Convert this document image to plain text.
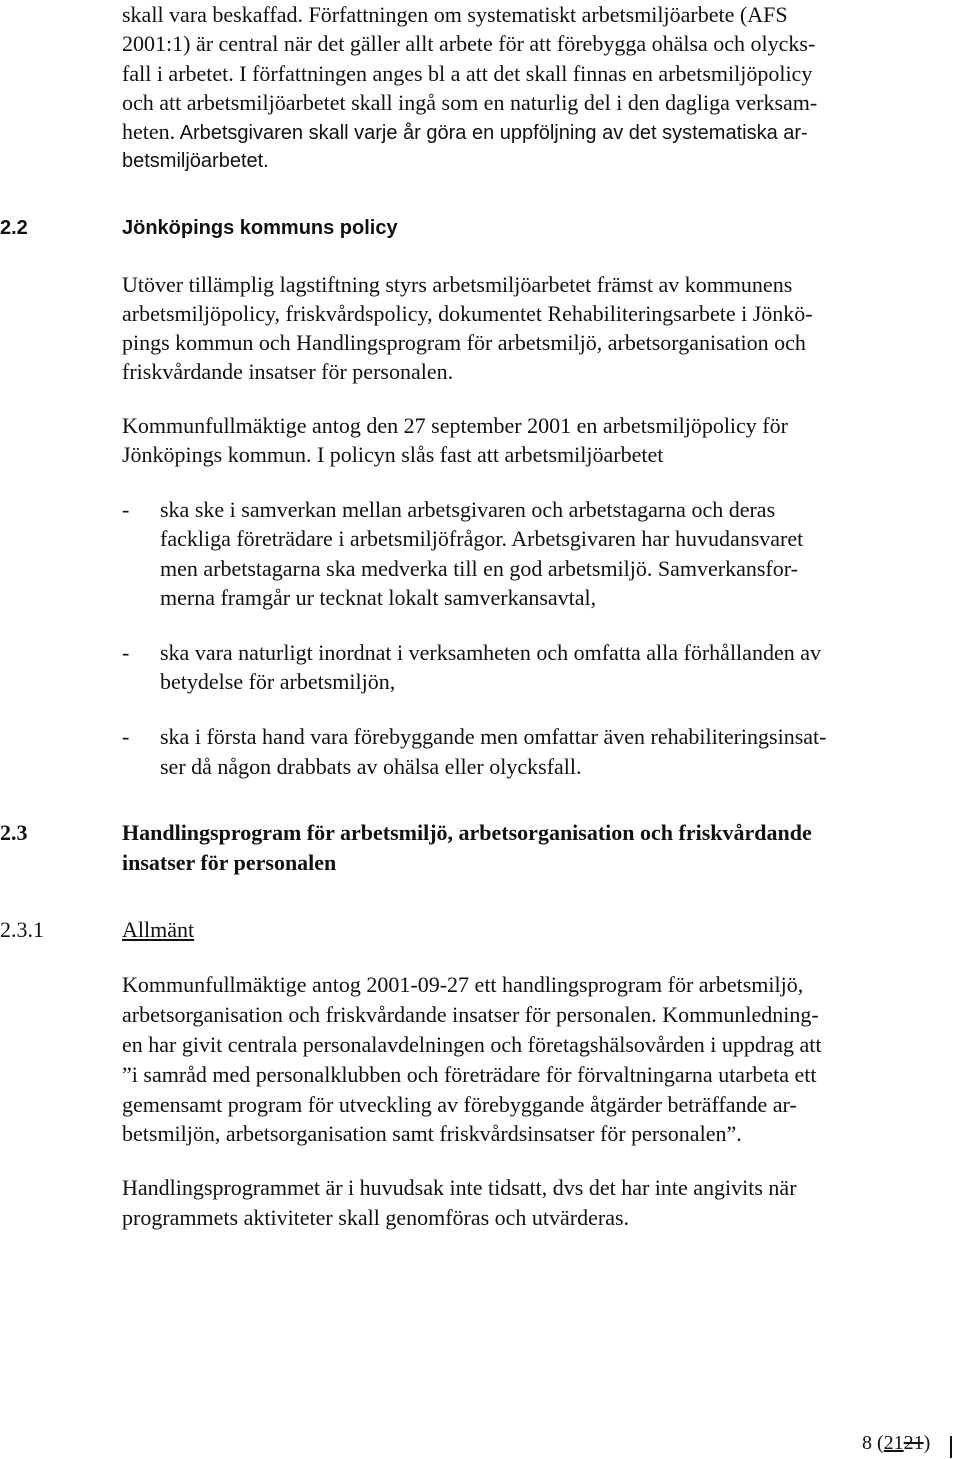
skall vara beskaffad. Författningen om systematiskt arbetsmiljöarbete (AFS
2001:1) är central när det gäller allt arbete för att förebygga ohälsa och olycks-
fall i arbetet. I författningen anges bl a att det skall finnas en arbetsmiljöpolicy
och att arbetsmiljöarbetet skall ingå som en naturlig del i den dagliga verksam-
heten. Arbetsgivaren skall varje år göra en uppföljning av det systematiska ar-
betsmiljöarbetet.
2.2	Jönköpings kommuns policy
Utöver tillämplig lagstiftning styrs arbetsmiljöarbetet främst av kommunens
arbetsmiljöpolicy, friskvårdspolicy, dokumentet Rehabiliteringsarbete i Jönkö-
pings kommun och Handlingsprogram för arbetsmiljö, arbetsorganisation och
friskvårdande insatser för personalen.
Kommunfullmäktige antog den 27 september 2001 en arbetsmiljöpolicy för
Jönköpings kommun. I policyn slås fast att arbetsmiljöarbetet
- ska ske i samverkan mellan arbetsgivaren och arbetstagarna och deras
fackliga företrädare i arbetsmiljöfrågor. Arbetsgivaren har huvudansvaret
men arbetstagarna ska medverka till en god arbetsmiljö. Samverkansfor-
merna framgår ur tecknat lokalt samverkansavtal,
- ska vara naturligt inordnat i verksamheten och omfatta alla förhållanden av
betydelse för arbetsmiljön,
- ska i första hand vara förebyggande men omfattar även rehabiliteringsinsat-
ser då någon drabbats av ohälsa eller olycksfall.
2.3	Handlingsprogram för arbetsmiljö, arbetsorganisation och friskvårdande
insatser för personalen
2.3.1	Allmänt
Kommunfullmäktige antog 2001-09-27 ett handlingsprogram för arbetsmiljö,
arbetsorganisation och friskvårdande insatser för personalen. Kommunledning-
en har givit centrala personalavdelningen och företagshälsovården i uppdrag att
”i samråd med personalklubben och företrädare för förvaltningarna utarbeta ett
gemensamt program för utveckling av förebyggande åtgärder beträffande ar-
betsmiljön, arbetsorganisation samt friskvårdsinsatser för personalen”.
Handlingsprogrammet är i huvudsak inte tidsatt, dvs det har inte angivits när
programmets aktiviteter skall genomföras och utvärderas.
8 (2121)
